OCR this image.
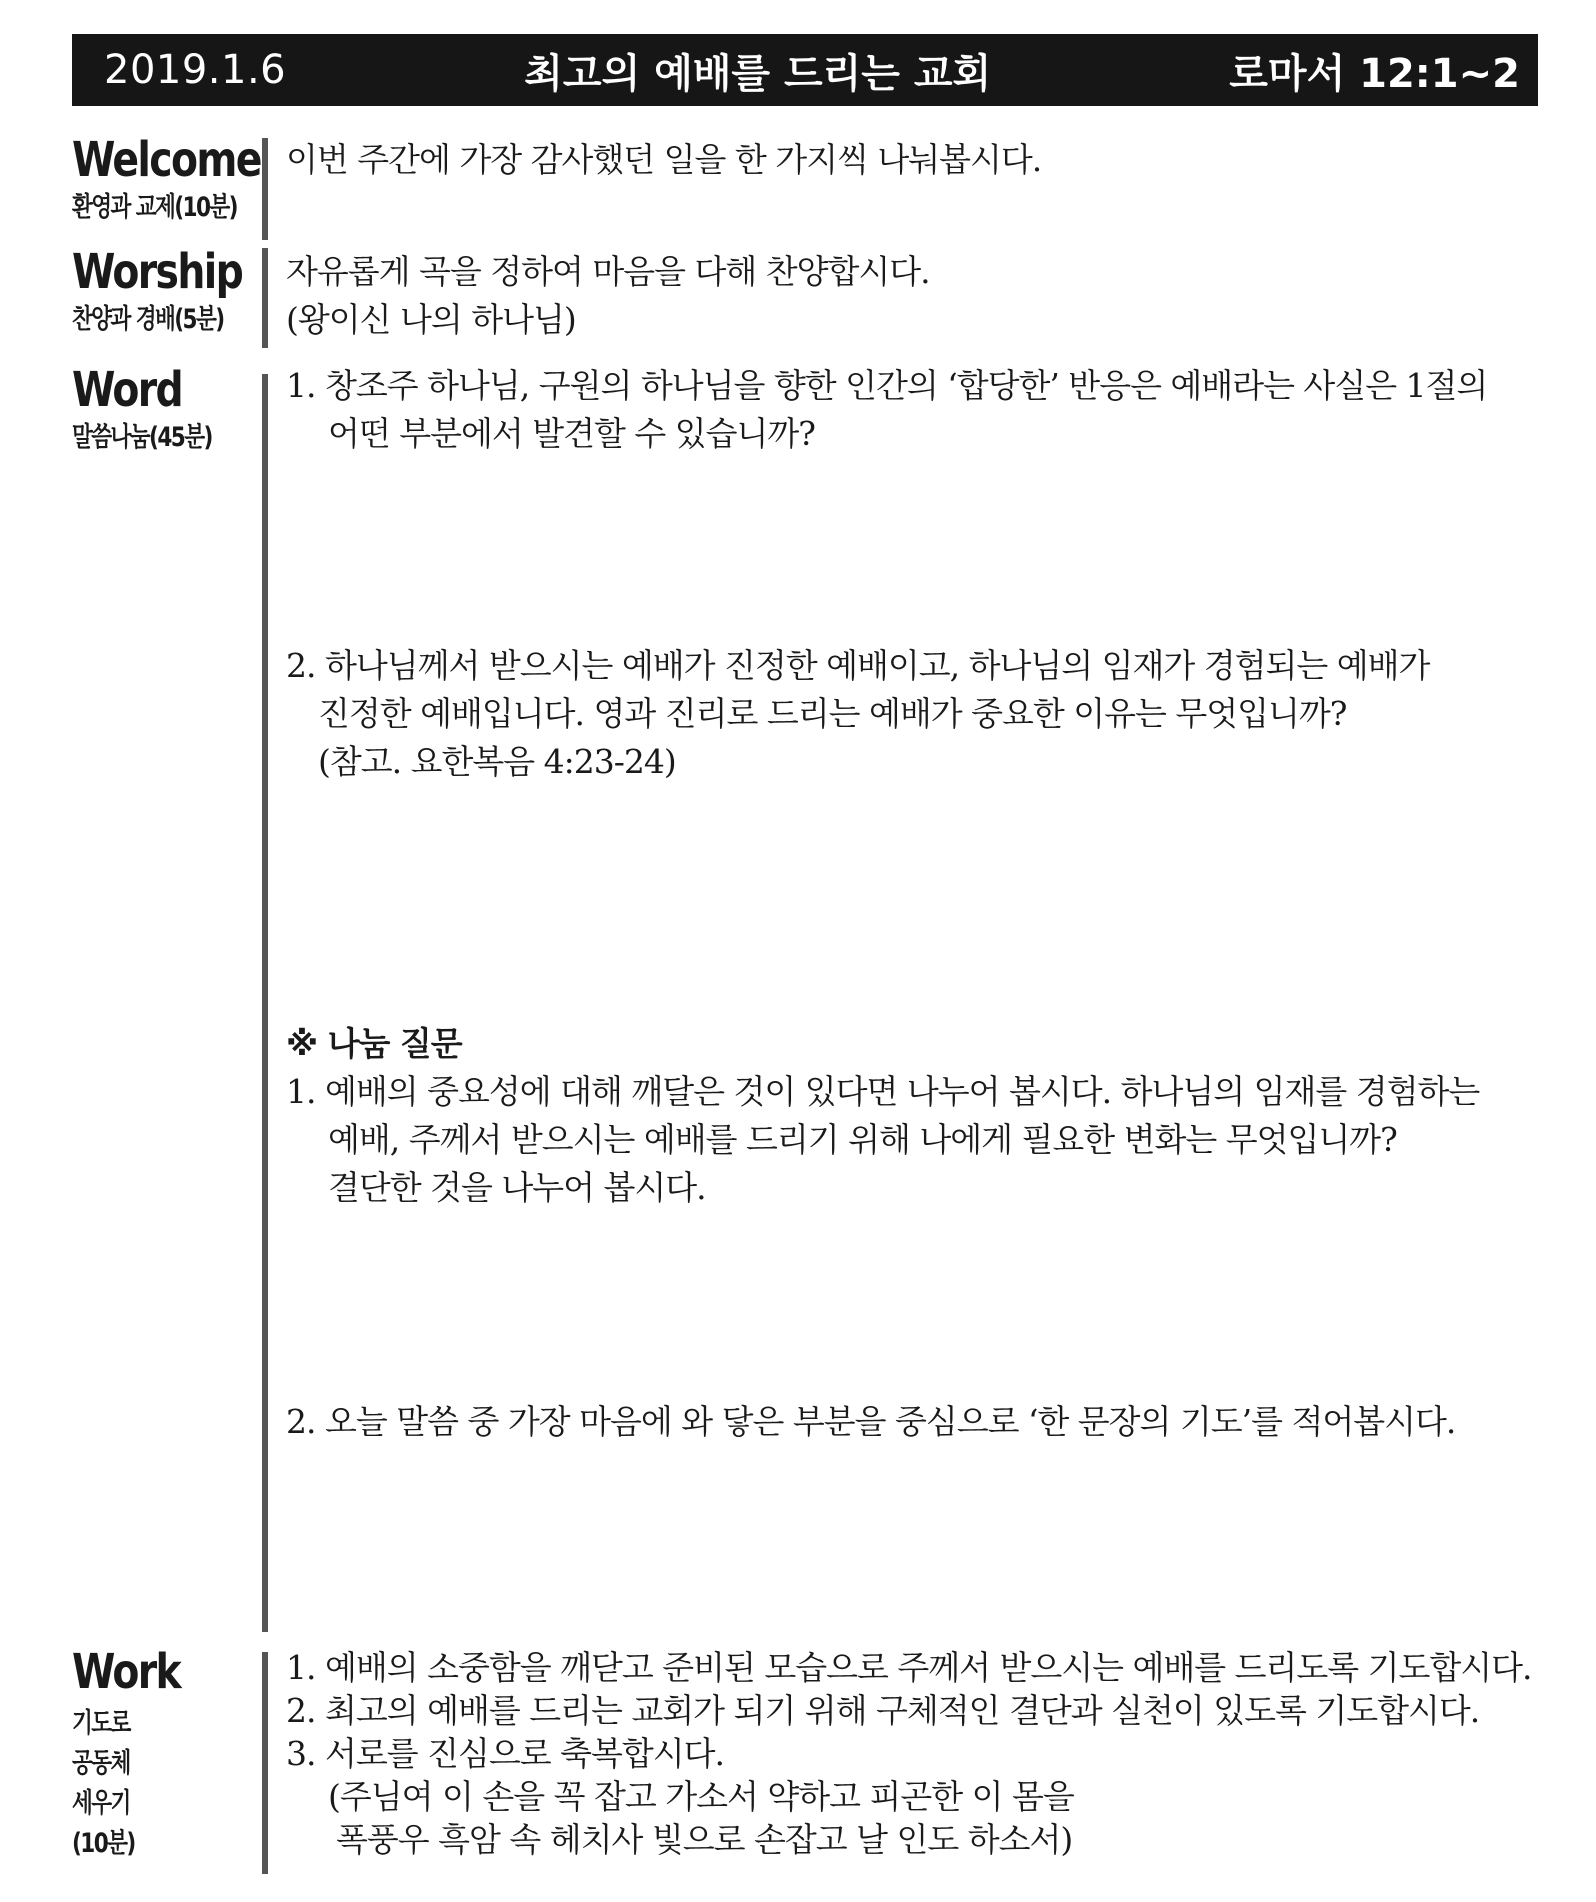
2019.1.6	최고의 예배를 드리는 교회	로마서 12:1~2
Welcome
환영과 교제(10분)
이번 주간에 가장 감사했던 일을 한 가지씩 나눠봅시다.
Worship
찬양과 경배(5분)
자유롭게 곡을 정하여 마음을 다해 찬양합시다.
(왕이신 나의 하나님)
Word
말씀나눔(45분)
1. 창조주 하나님, 구원의 하나님을 향한 인간의 ‘합당한’ 반응은 예배라는 사실은 1절의
어떤 부분에서 발견할 수 있습니까?
2. 하나님께서 받으시는 예배가 진정한 예배이고, 하나님의 임재가 경험되는 예배가
진정한 예배입니다. 영과 진리로 드리는 예배가 중요한 이유는 무엇입니까?
(참고. 요한복음 4:23-24)
※ 나눔 질문
1. 예배의 중요성에 대해 깨달은 것이 있다면 나누어 봅시다. 하나님의 임재를 경험하는
예배, 주께서 받으시는 예배를 드리기 위해 나에게 필요한 변화는 무엇입니까?
결단한 것을 나누어 봅시다.
2. 오늘 말씀 중 가장 마음에 와 닿은 부분을 중심으로 ‘한 문장의 기도’를 적어봅시다.
Work
기도로
공동체
세우기
(10분)
1. 예배의 소중함을 깨닫고 준비된 모습으로 주께서 받으시는 예배를 드리도록 기도합시다.
2. 최고의 예배를 드리는 교회가 되기 위해 구체적인 결단과 실천이 있도록 기도합시다.
3. 서로를 진심으로 축복합시다.
(주님여 이 손을 꼭 잡고 가소서 약하고 피곤한 이 몸을
폭풍우 흑암 속 헤치사 빛으로 손잡고 날 인도 하소서)
